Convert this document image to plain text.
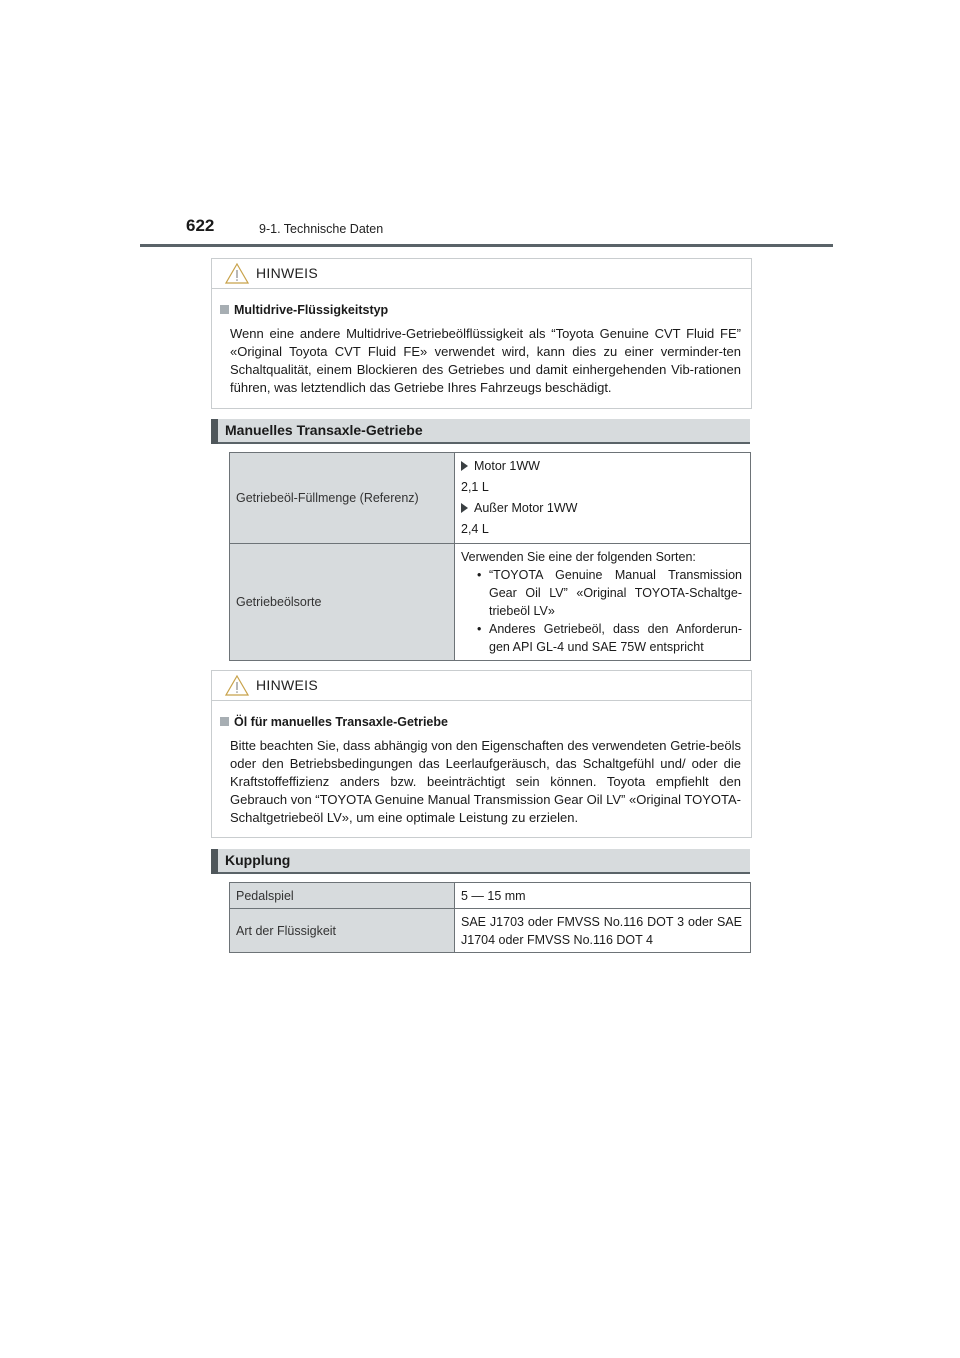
622	9-1. Technische Daten
HINWEIS
Multidrive-Flüssigkeitstyp
Wenn eine andere Multidrive-Getriebeölflüssigkeit als “Toyota Genuine CVT Fluid FE” «Original Toyota CVT Fluid FE» verwendet wird, kann dies zu einer verminder-ten Schaltqualität, einem Blockieren des Getriebes und damit einhergehenden Vib-rationen führen, was letztendlich das Getriebe Ihres Fahrzeugs beschädigt.
Manuelles Transaxle-Getriebe
Getriebeöl-Füllmenge (Referenz)	Motor 1WW
2,1 L
Außer Motor 1WW
2,4 L

Getriebeölsorte	Verwenden Sie eine der folgenden Sorten:
• “TOYOTA Genuine Manual Transmission Gear Oil LV” «Original TOYOTA-Schaltge-triebeöl LV»
• Anderes Getriebeöl, dass den Anforderun-gen API GL-4 und SAE 75W entspricht
HINWEIS
Öl für manuelles Transaxle-Getriebe
Bitte beachten Sie, dass abhängig von den Eigenschaften des verwendeten Getrie-beöls oder den Betriebsbedingungen das Leerlaufgeräusch, das Schaltgefühl und/ oder die Kraftstoffeffizienz anders bzw. beeinträchtigt sein können. Toyota empfiehlt den Gebrauch von “TOYOTA Genuine Manual Transmission Gear Oil LV” «Original TOYOTA-Schaltgetriebeöl LV», um eine optimale Leistung zu erzielen.
Kupplung
Pedalspiel	5 — 15 mm
Art der Flüssigkeit	SAE J1703 oder FMVSS No.116 DOT 3 oder SAE J1704 oder FMVSS No.116 DOT 4
